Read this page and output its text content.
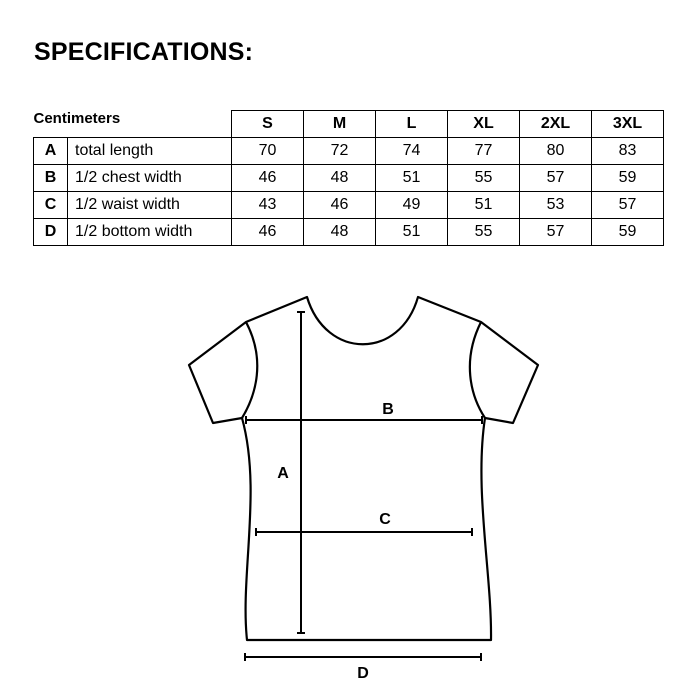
SPECIFICATIONS:
Centimeters		S	M	L	XL	2XL	3XL
A	total length	70	72	74	77	80	83
B	1/2 chest width	46	48	51	55	57	59
C	1/2 waist width	43	46	49	51	53	57
D	1/2 bottom width	46	48	51	55	57	59
A
B
C
D
